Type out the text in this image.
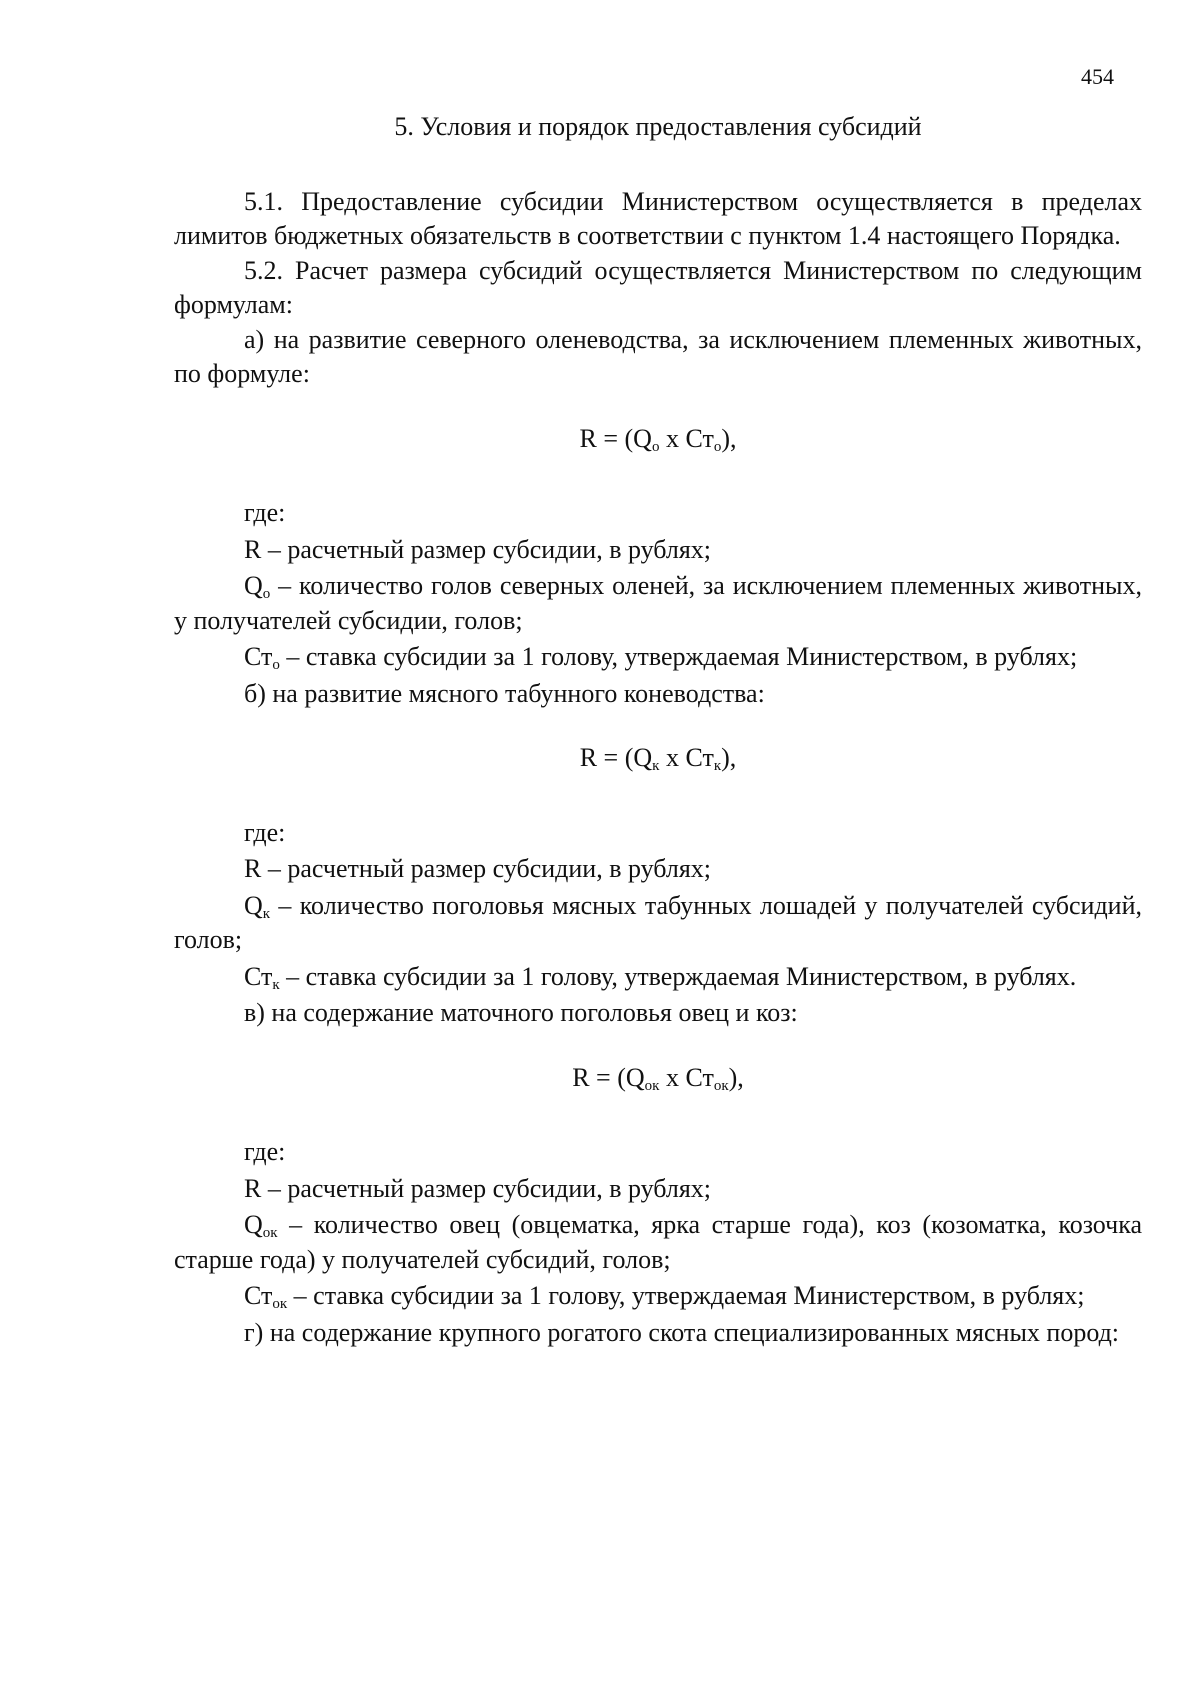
454
5. Условия и порядок предоставления субсидий

5.1. Предоставление субсидии Министерством осуществляется в пределах лимитов бюджетных обязательств в соответствии с пунктом 1.4 настоящего Порядка.

5.2. Расчет размера субсидий осуществляется Министерством по следующим формулам:

а) на развитие северного оленеводства, за исключением племенных животных, по формуле:

$R = (Q_о$ x $Ст_о$),

где:

R – расчетный размер субсидии, в рублях;

$Q_о$ – количество голов северных оленей, за исключением племенных животных, у получателей субсидии, голов;

$Ст_о$ – ставка субсидии за 1 голову, утверждаемая Министерством, в рублях;

б) на развитие мясного табунного коневодства:

$R = (Q_к$ x $Ст_к$),

где:

R – расчетный размер субсидии, в рублях;

$Q_к$ – количество поголовья мясных табунных лошадей у получателей субсидий, голов;

$Ст_к$ – ставка субсидии за 1 голову, утверждаемая Министерством, в рублях.

в) на содержание маточного поголовья овец и коз:

$R = (Q_{ок}$ x $Ст_{ок}$),

где:

R – расчетный размер субсидии, в рублях;

$Q_{ок}$ – количество овец (овцематка, ярка старше года), коз (козоматка, козочка старше года) у получателей субсидий, голов;

$Ст_{ок}$ – ставка субсидии за 1 голову, утверждаемая Министерством, в рублях;

г) на содержание крупного рогатого скота специализированных мясных пород:
